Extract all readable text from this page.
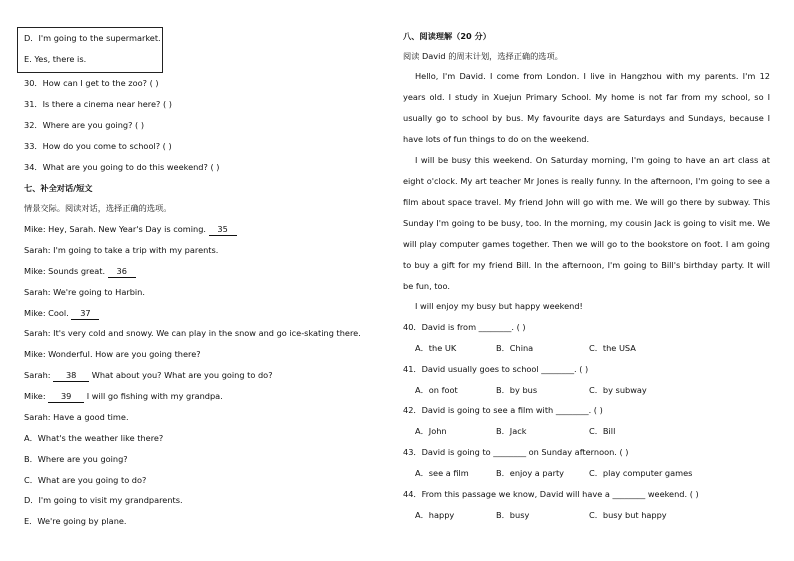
D．I'm going to the supermarket.
E. Yes, there is.
30．How can I get to the zoo? ( )
31．Is there a cinema near here? ( )
32．Where are you going? ( )
33．How do you come to school? ( )
34．What are you going to do this weekend? ( )
七、补全对话/短文
情景交际。阅读对话，选择正确的选项。
Mike: Hey, Sarah. New Year's Day is coming. 35
Sarah: I'm going to take a trip with my parents.
Mike: Sounds great. 36
Sarah: We're going to Harbin.
Mike: Cool. 37
Sarah: It's very cold and snowy. We can play in the snow and go ice-skating there.
Mike: Wonderful. How are you going there?
Sarah: 38 What about you? What are you going to do?
Mike: 39 I will go fishing with my grandpa.
Sarah: Have a good time.
A．What's the weather like there?
B．Where are you going?
C．What are you going to do?
D．I'm going to visit my grandparents.
E．We're going by plane.
八、阅读理解（20 分）
阅读 David 的周末计划，选择正确的选项。
Hello, I'm David. I come from London. I live in Hangzhou with my parents. I'm 12 years old. I study in Xuejun Primary School. My home is not far from my school, so I usually go to school by bus. My favourite days are Saturdays and Sundays, because I have lots of fun things to do on the weekend.
I will be busy this weekend. On Saturday morning, I'm going to have an art class at eight o'clock. My art teacher Mr Jones is really funny. In the afternoon, I'm going to see a film about space travel. My friend John will go with me. We will go there by subway. This Sunday I'm going to be busy, too. In the morning, my cousin Jack is going to visit me. We will play computer games together. Then we will go to the bookstore on foot. I am going to buy a gift for my friend Bill. In the afternoon, I'm going to Bill's birthday party. It will be fun, too.
I will enjoy my busy but happy weekend!
40．David is from ________. ( )
A．the UK	B．China	C．the USA
41．David usually goes to school ________. ( )
A．on foot	B．by bus	C．by subway
42．David is going to see a film with ________. ( )
A．John	B．Jack	C．Bill
43．David is going to ________ on Sunday afternoon. ( )
A．see a film	B．enjoy a party	C．play computer games
44．From this passage we know, David will have a ________ weekend. ( )
A．happy	B．busy	C．busy but happy
